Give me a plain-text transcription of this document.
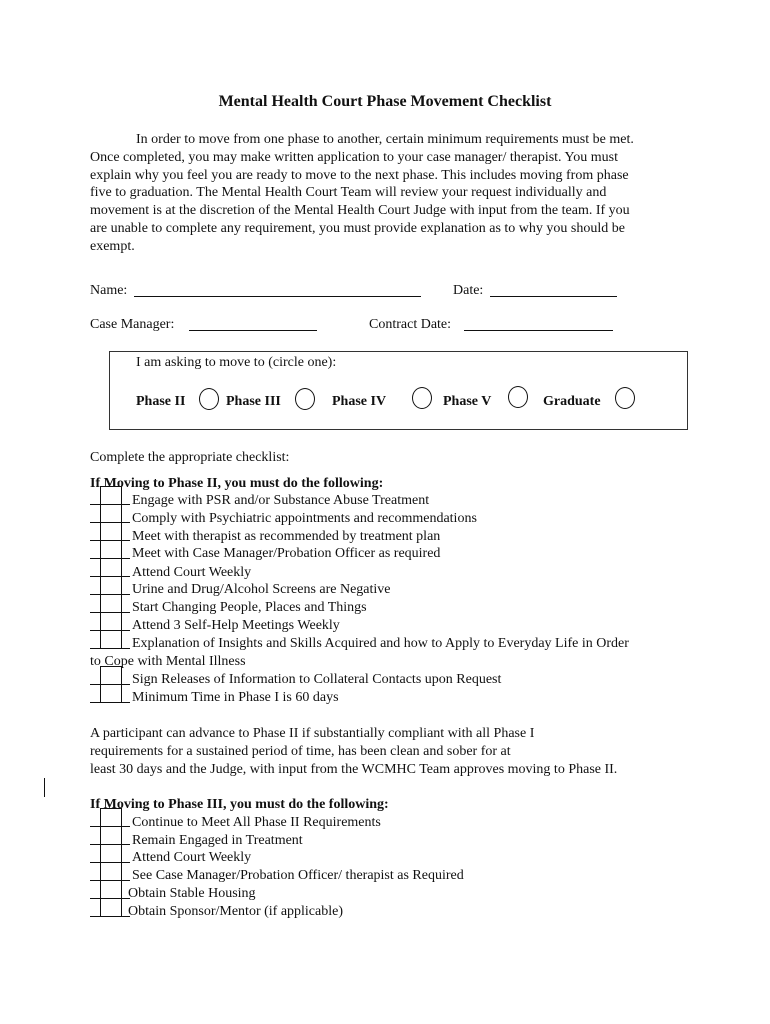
Mental Health Court Phase Movement Checklist
In order to move from one phase to another, certain minimum requirements must be met.
Once completed, you may make written application to your case manager/ therapist. You must
explain why you feel you are ready to move to the next phase. This includes moving from phase
five to graduation. The Mental Health Court Team will review your request individually and
movement is at the discretion of the Mental Health Court Judge with input from the team. If you
are unable to complete any requirement, you must provide explanation as to why you should be
exempt.
Name:	Date:
Case Manager:	Contract Date:
I am asking to move to (circle one):
Phase II	Phase III	Phase IV	Phase V	Graduate
Complete the appropriate checklist:
If Moving to Phase II, you must do the following:
Engage with PSR and/or Substance Abuse Treatment
Comply with Psychiatric appointments and recommendations
Meet with therapist as recommended by treatment plan
Meet with Case Manager/Probation Officer as required
Attend Court Weekly
Urine and Drug/Alcohol Screens are Negative
Start Changing People, Places and Things
Attend 3 Self-Help Meetings Weekly
Explanation of Insights and Skills Acquired and how to Apply to Everyday Life in Order
to Cope with Mental Illness
Sign Releases of Information to Collateral Contacts upon Request
Minimum Time in Phase I is 60 days
A participant can advance to Phase II if substantially compliant with all Phase I
requirements for a sustained period of time, has been clean and sober for at
least 30 days and the Judge, with input from the WCMHC Team approves moving to Phase II.
If Moving to Phase III, you must do the following:
Continue to Meet All Phase II Requirements
Remain Engaged in Treatment
Attend Court Weekly
See Case Manager/Probation Officer/ therapist as Required
Obtain Stable Housing
Obtain Sponsor/Mentor (if applicable)
